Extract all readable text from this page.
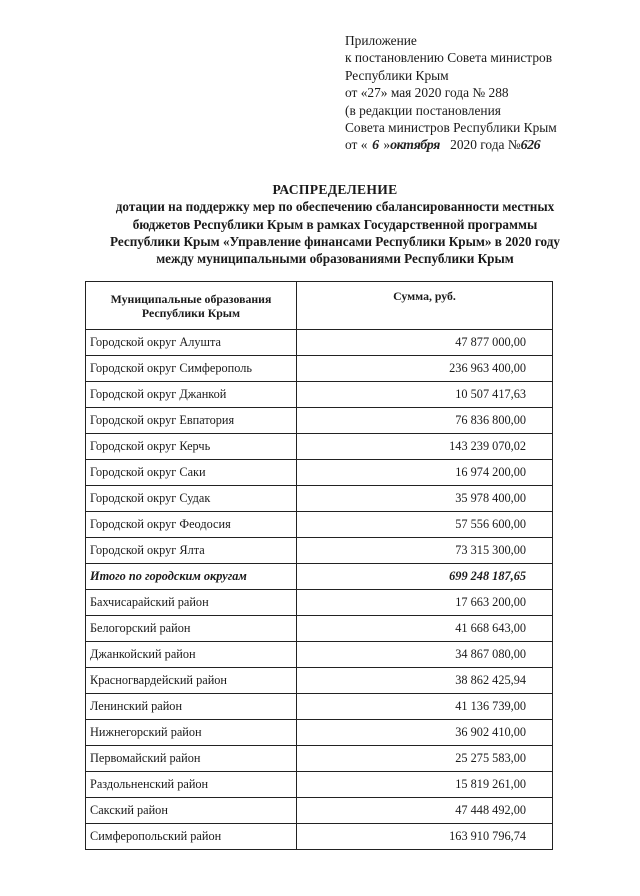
Приложение
к постановлению Совета министров
Республики Крым
от «27» мая 2020 года № 288
(в редакции постановления
Совета министров Республики Крым
от « 6 »октября 2020 года №626
РАСПРЕДЕЛЕНИЕ
дотации на поддержку мер по обеспечению сбалансированности местных
бюджетов Республики Крым в рамках Государственной программы
Республики Крым «Управление финансами Республики Крым» в 2020 году
между муниципальными образованиями Республики Крым
Муниципальные образования
Республики Крым	Сумма, руб.
Городской округ Алушта	47 877 000,00
Городской округ Симферополь	236 963 400,00
Городской округ Джанкой	10 507 417,63
Городской округ Евпатория	76 836 800,00
Городской округ Керчь	143 239 070,02
Городской округ Саки	16 974 200,00
Городской округ Судак	35 978 400,00
Городской округ Феодосия	57 556 600,00
Городской округ Ялта	73 315 300,00
Итого по городским округам	699 248 187,65
Бахчисарайский район	17 663 200,00
Белогорский район	41 668 643,00
Джанкойский район	34 867 080,00
Красногвардейский район	38 862 425,94
Ленинский район	41 136 739,00
Нижнегорский район	36 902 410,00
Первомайский район	25 275 583,00
Раздольненский район	15 819 261,00
Сакский район	47 448 492,00
Симферопольский район	163 910 796,74
